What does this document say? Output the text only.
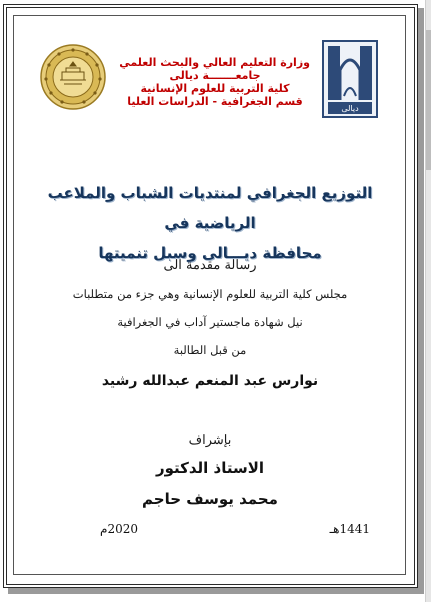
ديالى
وزارة التعليم العالي والبحث العلمي
جامعـــــــة ديالى
كلية التربية للعلوم الإنسانية
قسم الجغرافية - الدراسات العليا
التوزيع الجغرافي لمنتديات الشباب والملاعب الرياضية في
محافظة ديـــالى وسبل تنميتها
رسالة مقدمة الى
مجلس كلية التربية للعلوم الإنسانية وهي جزء من متطلبات
نيل شهادة ماجستير آداب في الجغرافية
من قبل الطالبة
نوارس عبد المنعم عبدالله رشيد
بإشراف
الاستاذ الدكتور
محمد يوسف حاجم
1441هـ
2020م
